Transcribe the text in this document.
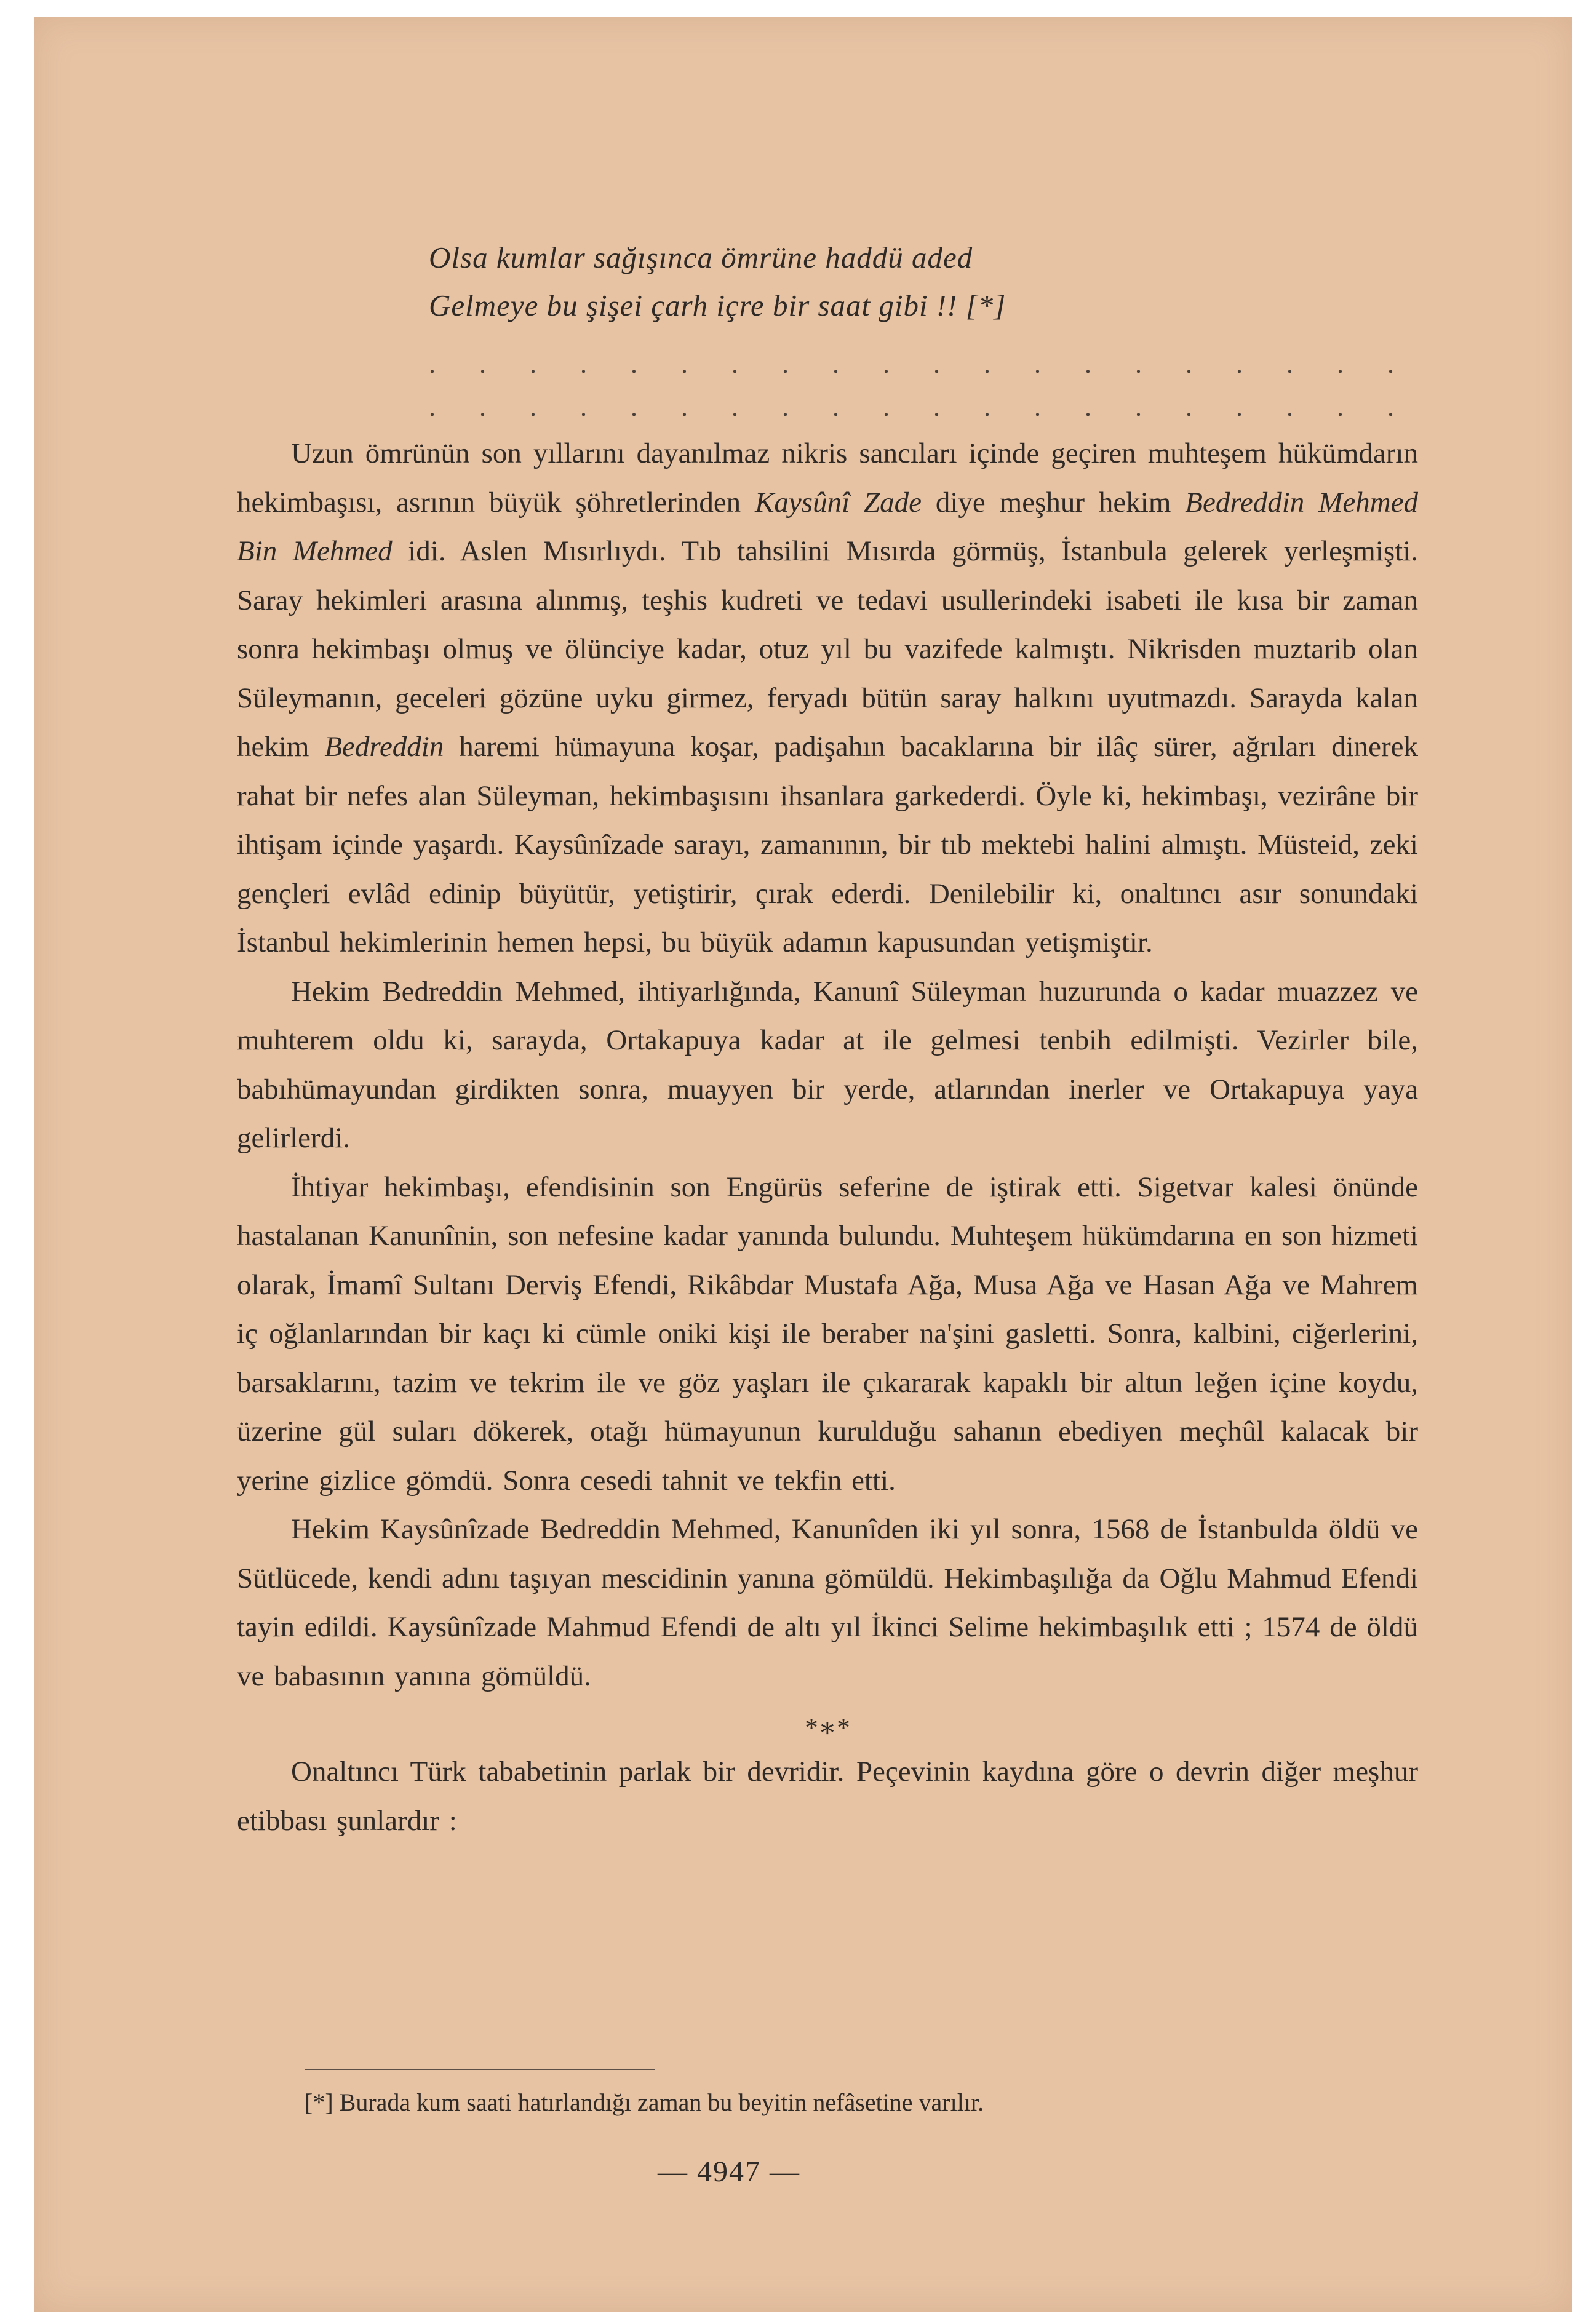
Olsa kumlar sağışınca ömrüne haddü aded
Gelmeye bu şişei çarh içre bir saat gibi !! [*]
. . . . . . . . . . . . . . . . . . . .
. . . . . . . . . . . . . . . . . . . .

Uzun ömrünün son yıllarını dayanılmaz nikris sancıları içinde geçiren muhteşem hükümdarın hekimbaşısı, asrının büyük şöhretlerinden Kaysûnî Zade diye meşhur hekim Bedreddin Mehmed Bin Mehmed idi. Aslen Mısırlıydı. Tıb tahsilini Mısırda görmüş, İstanbula gelerek yerleşmişti. Saray hekimleri arasına alınmış, teşhis kudreti ve tedavi usullerindeki isabeti ile kısa bir zaman sonra hekimbaşı olmuş ve ölünciye kadar, otuz yıl bu vazifede kalmıştı. Nikrisden muztarib olan Süleymanın, geceleri gözüne uyku girmez, feryadı bütün saray halkını uyutmazdı. Sarayda kalan hekim Bedreddin haremi hümayuna koşar, padişahın bacaklarına bir ilâç sürer, ağrıları dinerek rahat bir nefes alan Süleyman, hekimbaşısını ihsanlara garkederdi. Öyle ki, hekimbaşı, vezirâne bir ihtişam içinde yaşardı. Kaysûnîzade sarayı, zamanının, bir tıb mektebi halini almıştı. Müsteid, zeki gençleri evlâd edinip büyütür, yetiştirir, çırak ederdi. Denilebilir ki, onaltıncı asır sonundaki İstanbul hekimlerinin hemen hepsi, bu büyük adamın kapusundan yetişmiştir.

Hekim Bedreddin Mehmed, ihtiyarlığında, Kanunî Süleyman huzurunda o kadar muazzez ve muhterem oldu ki, sarayda, Ortakapuya kadar at ile gelmesi tenbih edilmişti. Vezirler bile, babıhümayundan girdikten sonra, muayyen bir yerde, atlarından inerler ve Ortakapuya yaya gelirlerdi.

İhtiyar hekimbaşı, efendisinin son Engürüs seferine de iştirak etti. Sigetvar kalesi önünde hastalanan Kanunînin, son nefesine kadar yanında bulundu. Muhteşem hükümdarına en son hizmeti olarak, İmamî Sultanı Derviş Efendi, Rikâbdar Mustafa Ağa, Musa Ağa ve Hasan Ağa ve Mahrem iç oğlanlarından bir kaçı ki cümle oniki kişi ile beraber na'şini gasletti. Sonra, kalbini, ciğerlerini, barsaklarını, tazim ve tekrim ile ve göz yaşları ile çıkararak kapaklı bir altun leğen içine koydu, üzerine gül suları dökerek, otağı hümayunun kurulduğu sahanın ebediyen meçhûl kalacak bir yerine gizlice gömdü. Sonra cesedi tahnit ve tekfin etti.

Hekim Kaysûnîzade Bedreddin Mehmed, Kanunîden iki yıl sonra, 1568 de İstanbulda öldü ve Sütlücede, kendi adını taşıyan mescidinin yanına gömüldü. Hekimbaşılığa da Oğlu Mahmud Efendi tayin edildi. Kaysûnîzade Mahmud Efendi de altı yıl İkinci Selime hekimbaşılık etti ; 1574 de öldü ve babasının yanına gömüldü.

*∗*

Onaltıncı Türk tababetinin parlak bir devridir. Peçevinin kaydına göre o devrin diğer meşhur etibbası şunlardır :

[*] Burada kum saati hatırlandığı zaman bu beyitin nefâsetine varılır.
— 4947 —
